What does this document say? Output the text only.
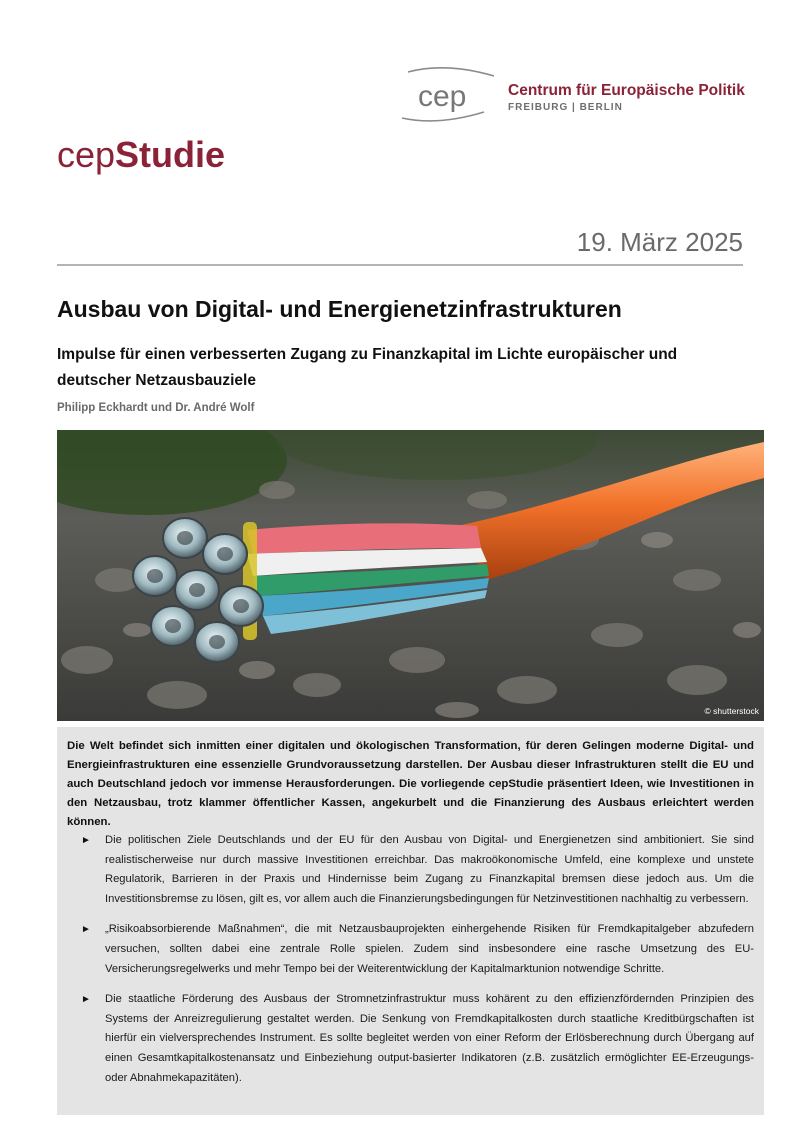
cep	Centrum für Europäische Politik
FREIBURG | BERLIN
cepStudie
19. März 2025
Ausbau von Digital- und Energienetzinfrastrukturen
Impulse für einen verbesserten Zugang zu Finanzkapital im Lichte europäischer und deutscher Netzausbauziele
Philipp Eckhardt und Dr. André Wolf
© shutterstock

Die Welt befindet sich inmitten einer digitalen und ökologischen Transformation, für deren Gelingen moderne Digital- und Energieinfrastrukturen eine essenzielle Grundvoraussetzung darstellen. Der Ausbau dieser Infrastrukturen stellt die EU und auch Deutschland jedoch vor immense Herausforderungen. Die vorliegende cepStudie präsentiert Ideen, wie Investitionen in den Netzausbau, trotz klammer öffentlicher Kassen, angekurbelt und die Finanzierung des Ausbaus erleichtert werden können.

► Die politischen Ziele Deutschlands und der EU für den Ausbau von Digital- und Energienetzen sind ambitioniert. Sie sind realistischerweise nur durch massive Investitionen erreichbar. Das makroökonomische Umfeld, eine komplexe und unstete Regulatorik, Barrieren in der Praxis und Hindernisse beim Zugang zu Finanzkapital bremsen diese jedoch aus. Um die Investitionsbremse zu lösen, gilt es, vor allem auch die Finanzierungsbedingungen für Netzinvestitionen nachhaltig zu verbessern.
► „Risikoabsorbierende Maßnahmen“, die mit Netzausbauprojekten einhergehende Risiken für Fremdkapitalgeber abzufedern versuchen, sollten dabei eine zentrale Rolle spielen. Zudem sind insbesondere eine rasche Umsetzung des EU-Versicherungsregelwerks und mehr Tempo bei der Weiterentwicklung der Kapitalmarktunion notwendige Schritte.
► Die staatliche Förderung des Ausbaus der Stromnetzinfrastruktur muss kohärent zu den effizienzfördernden Prinzipien des Systems der Anreizregulierung gestaltet werden. Die Senkung von Fremdkapitalkosten durch staatliche Kreditbürgschaften ist hierfür ein vielversprechendes Instrument. Es sollte begleitet werden von einer Reform der Erlösberechnung durch Übergang auf einen Gesamtkapitalkostenansatz und Einbeziehung output-basierter Indikatoren (z.B. zusätzlich ermöglichter EE-Erzeugungs- oder Abnahmekapazitäten).
